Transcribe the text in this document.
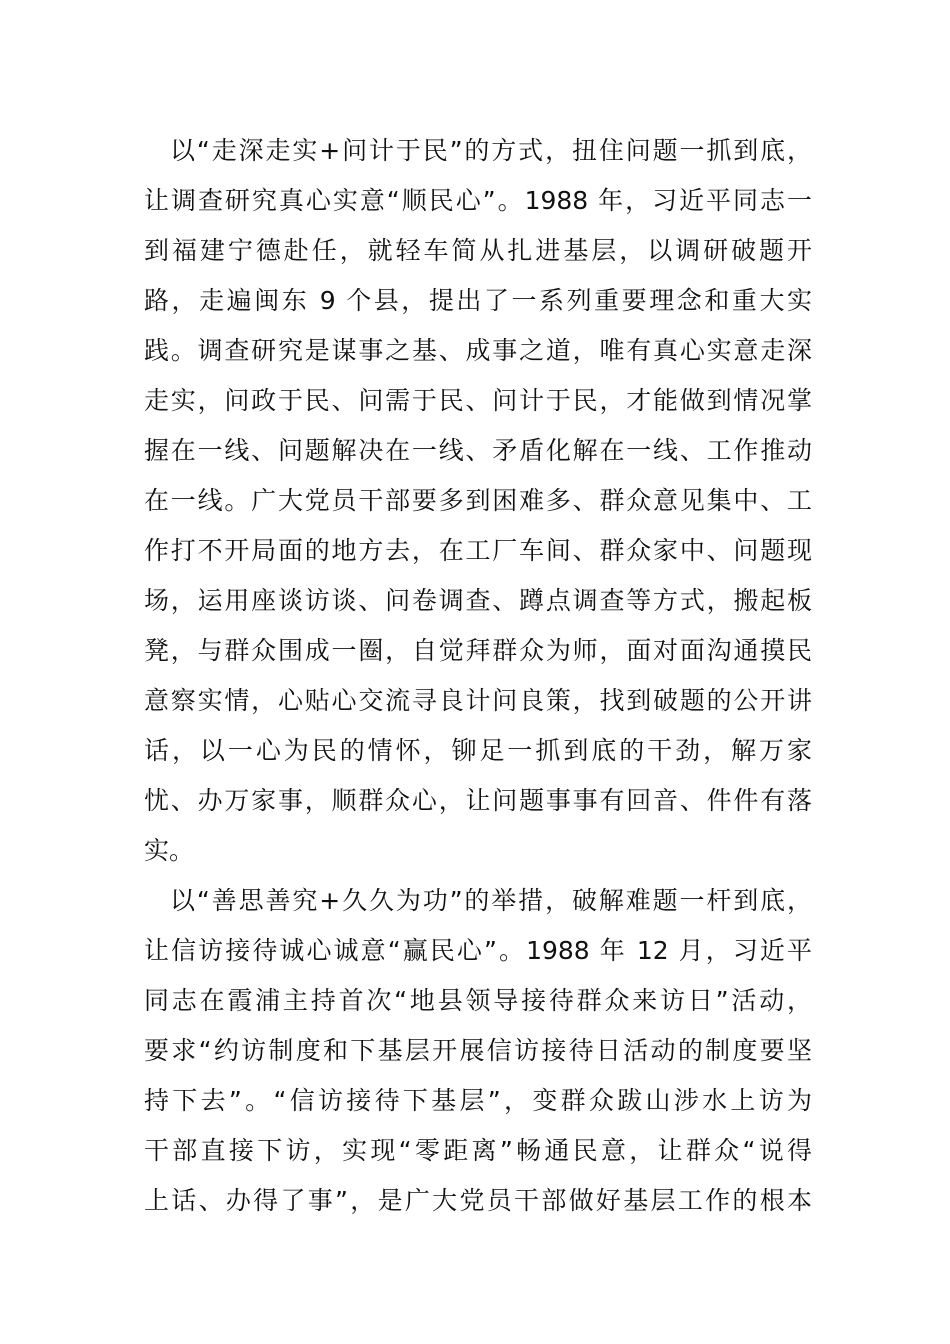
以“走深走实+问计于民”的方式，扭住问题一抓到底，
让调查研究真心实意“顺民心”。1988 年，习近平同志一
到福建宁德赴任，就轻车简从扎进基层，以调研破题开
路，走遍闽东 9 个县，提出了一系列重要理念和重大实
践。调查研究是谋事之基、成事之道，唯有真心实意走深
走实，问政于民、问需于民、问计于民，才能做到情况掌
握在一线、问题解决在一线、矛盾化解在一线、工作推动
在一线。广大党员干部要多到困难多、群众意见集中、工
作打不开局面的地方去，在工厂车间、群众家中、问题现
场，运用座谈访谈、问卷调查、蹲点调查等方式，搬起板
凳，与群众围成一圈，自觉拜群众为师，面对面沟通摸民
意察实情，心贴心交流寻良计问良策，找到破题的公开讲
话，以一心为民的情怀，铆足一抓到底的干劲，解万家
忧、办万家事，顺群众心，让问题事事有回音、件件有落
实。
以“善思善究+久久为功”的举措，破解难题一杆到底，
让信访接待诚心诚意“赢民心”。1988 年 12 月，习近平
同志在霞浦主持首次“地县领导接待群众来访日”活动，
要求“约访制度和下基层开展信访接待日活动的制度要坚
持下去”。“信访接待下基层”，变群众跋山涉水上访为
干部直接下访，实现“零距离”畅通民意，让群众“说得
上话、办得了事”，是广大党员干部做好基层工作的根本
